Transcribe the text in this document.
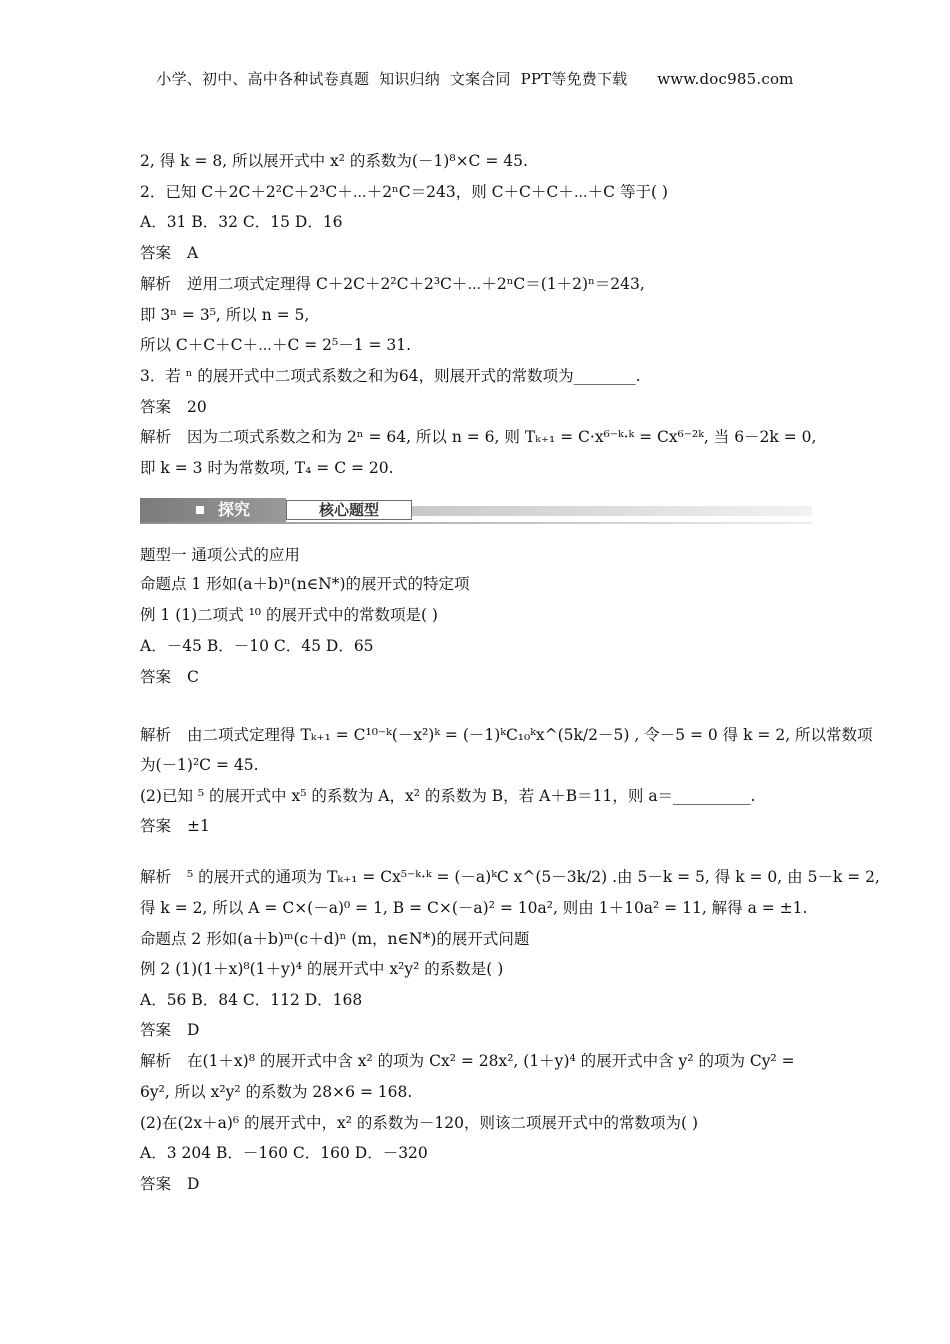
小学、初中、高中各种试卷真题  知识归纳  文案合同  PPT等免费下载      www.doc985.com
2, 得 k = 8, 所以展开式中 x² 的系数为(－1)⁸×C = 45.
2．已知 C＋2C＋2²C＋2³C＋⋯＋2ⁿC＝243，则 C＋C＋C＋⋯＋C 等于( )
A．31 B．32 C．15 D．16
答案 A
解析 逆用二项式定理得 C＋2C＋2²C＋2³C＋⋯＋2ⁿC＝(1＋2)ⁿ＝243,
即 3ⁿ = 3⁵, 所以 n = 5,
所以 C＋C＋C＋⋯＋C = 2⁵－1 = 31.
3．若 ⁿ 的展开式中二项式系数之和为64，则展开式的常数项为________.
答案 20
解析 因为二项式系数之和为 2ⁿ = 64, 所以 n = 6, 则 Tₖ₊₁ = C·x⁶⁻ᵏ·ᵏ = Cx⁶⁻²ᵏ, 当 6－2k = 0,
即 k = 3 时为常数项, T₄ = C = 20.
题型一 通项公式的应用
命题点 1 形如(a＋b)ⁿ(n∈N*)的展开式的特定项
例 1 (1)二项式 ¹⁰ 的展开式中的常数项是( )
A．－45 B．－10 C．45 D．65
答案 C
解析 由二项式定理得 Tₖ₊₁ = C¹⁰⁻ᵏ(－x²)ᵏ = (－1)ᵏC₁₀ᵏx^(5k/2－5) , 令－5 = 0 得 k = 2, 所以常数项
为(－1)²C = 45.
(2)已知 ⁵ 的展开式中 x⁵ 的系数为 A，x² 的系数为 B，若 A＋B＝11，则 a＝__________.
答案 ±1
解析 ⁵ 的展开式的通项为 Tₖ₊₁ = Cx⁵⁻ᵏ·ᵏ = (－a)ᵏC x^(5－3k/2) .由 5－k = 5, 得 k = 0, 由 5－k = 2,
得 k = 2, 所以 A = C×(－a)⁰ = 1, B = C×(－a)² = 10a², 则由 1＋10a² = 11, 解得 a = ±1.
命题点 2 形如(a＋b)ᵐ(c＋d)ⁿ (m，n∈N*)的展开式问题
例 2 (1)(1＋x)⁸(1＋y)⁴ 的展开式中 x²y² 的系数是( )
A．56 B．84 C．112 D．168
答案 D
解析 在(1＋x)⁸ 的展开式中含 x² 的项为 Cx² = 28x², (1＋y)⁴ 的展开式中含 y² 的项为 Cy² =
6y², 所以 x²y² 的系数为 28×6 = 168.
(2)在(2x＋a)⁶ 的展开式中，x² 的系数为－120，则该二项展开式中的常数项为( )
A．3 204 B．－160 C．160 D．－320
答案 D
探究	核心题型
